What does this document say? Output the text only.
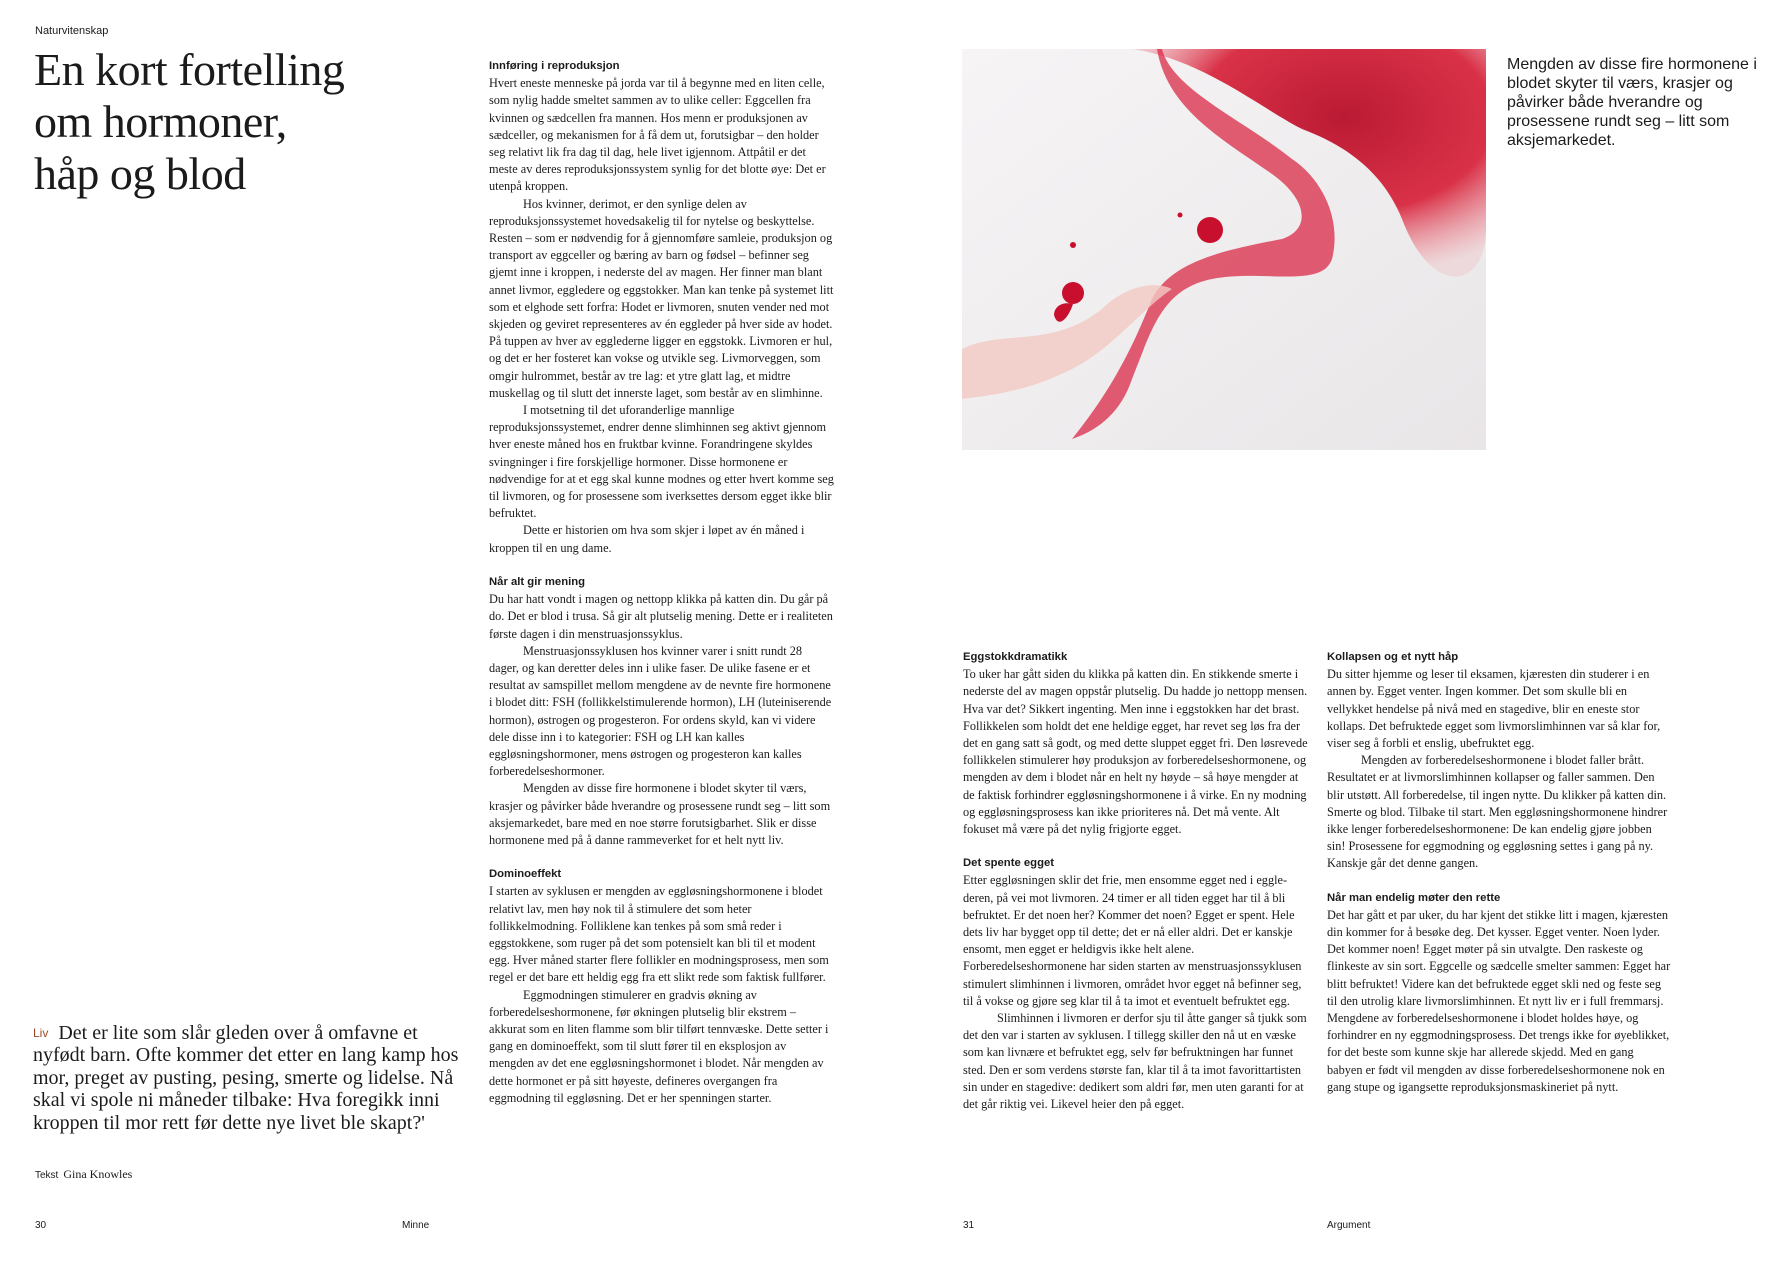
Naturvitenskap
En kort fortelling
om hormoner,
håp og blod
Liv Det er lite som slår gleden over å omfavne et nyfødt barn. Ofte kommer det etter en lang kamp hos mor, preget av pusting, pesing, smerte og lidelse. Nå skal vi spole ni måneder tilbake: Hva foregikk inni kroppen til mor rett før dette nye livet ble skapt?'
Tekst Gina Knowles
Innføring i reproduksjon

Hvert eneste menneske på jorda var til å begynne med en liten celle, som nylig hadde smeltet sammen av to ulike celler: Eggcellen fra kvinnen og sædcellen fra mannen. Hos menn er produksjonen av sædceller, og mekanismen for å få dem ut, forutsigbar – den holder seg relativt lik fra dag til dag, hele livet igjennom. Attpåtil er det meste av deres reproduksjonssystem synlig for det blotte øye: Det er utenpå kroppen.

Hos kvinner, derimot, er den synlige delen av reproduksjonssystemet hovedsakelig til for nytelse og beskyttelse. Resten – som er nødvendig for å gjennomføre samleie, produksjon og transport av eggceller og bæring av barn og fødsel – befinner seg gjemt inne i kroppen, i nederste del av magen. Her finner man blant annet livmor, eggledere og eggstokker. Man kan tenke på systemet litt som et elghode sett forfra: Hodet er livmoren, snuten vender ned mot skjeden og geviret representeres av én eggleder på hver side av hodet. På tuppen av hver av egglederne ligger en eggstokk. Livmoren er hul, og det er her fosteret kan vokse og utvikle seg. Livmorveggen, som omgir hulrommet, består av tre lag: et ytre glatt lag, et midtre muskellag og til slutt det innerste laget, som består av en slimhinne.

I motsetning til det uforanderlige mannlige reproduksjonssystemet, endrer denne slimhinnen seg aktivt gjennom hver eneste måned hos en fruktbar kvinne. Forandringene skyldes svingninger i fire forskjellige hormoner. Disse hormonene er nødvendige for at et egg skal kunne modnes og etter hvert komme seg til livmoren, og for prosessene som iverksettes dersom egget ikke blir befruktet.

Dette er historien om hva som skjer i løpet av én måned i kroppen til en ung dame.

Når alt gir mening

Du har hatt vondt i magen og nettopp klikka på katten din. Du går på do. Det er blod i trusa. Så gir alt plutselig mening. Dette er i realiteten første dagen i din menstruasjonssyklus.

Menstruasjonssyklusen hos kvinner varer i snitt rundt 28 dager, og kan deretter deles inn i ulike faser. De ulike fasene er et resultat av samspillet mellom mengdene av de nevnte fire hormonene i blodet ditt: FSH (follikkelstimulerende hormon), LH (luteiniserende hormon), østrogen og progesteron. For ordens skyld, kan vi videre dele disse inn i to kategorier: FSH og LH kan kalles eggløsningshormoner, mens østrogen og progesteron kan kalles forberedelseshormoner.

Mengden av disse fire hormonene i blodet skyter til værs, krasjer og påvirker både hverandre og prosessene rundt seg – litt som aksjemarkedet, bare med en noe større forutsigbarhet. Slik er disse hormonene med på å danne rammeverket for et helt nytt liv.

Dominoeffekt

I starten av syklusen er mengden av eggløsningshormonene i blodet relativt lav, men høy nok til å stimulere det som heter follikkelmodning. Folliklene kan tenkes på som små reder i eggstokkene, som ruger på det som potensielt kan bli til et modent egg. Hver måned starter flere follikler en modningsprosess, men som regel er det bare ett heldig egg fra ett slikt rede som faktisk fullfører.

Eggmodningen stimulerer en gradvis økning av forberedelseshormonene, før økningen plutselig blir ekstrem – akkurat som en liten flamme som blir tilført tennvæske. Dette setter i gang en dominoeffekt, som til slutt fører til en eksplosjon av mengden av det ene eggløsningshormonet i blodet. Når mengden av dette hormonet er på sitt høyeste, defineres overgangen fra eggmodning til eggløsning. Det er her spenningen starter.

Mengden av disse fire hormonene i blodet skyter til værs, krasjer og påvirker både hverandre og prosessene rundt seg – litt som aksjemarkedet.
Eggstokkdramatikk

To uker har gått siden du klikka på katten din. En stikkende smerte i nederste del av magen oppstår plutselig. Du hadde jo nettopp mensen. Hva var det? Sikkert ingenting. Men inne i eggstokken har det brast. Follikkelen som holdt det ene heldige egget, har revet seg løs fra der det en gang satt så godt, og med dette sluppet egget fri. Den løsrevede follikkelen stimulerer høy produksjon av forberedelseshormonene, og mengden av dem i blodet når en helt ny høyde – så høye mengder at de faktisk forhindrer eggløsningshormonene i å virke. En ny modning og eggløsningsprosess kan ikke prioriteres nå. Det må vente. Alt fokuset må være på det nylig frigjorte egget.

Det spente egget

Etter eggløsningen sklir det frie, men ensomme egget ned i egglederen, på vei mot livmoren. 24 timer er all tiden egget har til å bli befruktet. Er det noen her? Kommer det noen? Egget er spent. Hele dets liv har bygget opp til dette; det er nå eller aldri. Det er kanskje ensomt, men egget er heldigvis ikke helt alene. Forberedelseshormonene har siden starten av menstruasjonssyklusen stimulert slimhinnen i livmoren, området hvor egget nå befinner seg, til å vokse og gjøre seg klar til å ta imot et eventuelt befruktet egg.

Slimhinnen i livmoren er derfor sju til åtte ganger så tjukk som det den var i starten av syklusen. I tillegg skiller den nå ut en væske som kan livnære et befruktet egg, selv før befruktningen har funnet sted. Den er som verdens største fan, klar til å ta imot favorittartisten sin under en stagedive: dedikert som aldri før, men uten garanti for at det går riktig vei. Likevel heier den på egget.

Kollapsen og et nytt håp

Du sitter hjemme og leser til eksamen, kjæresten din studerer i en annen by. Egget venter. Ingen kommer. Det som skulle bli en vellykket hendelse på nivå med en stagedive, blir en eneste stor kollaps. Det befruktede egget som livmorslimhinnen var så klar for, viser seg å forbli et enslig, ubefruktet egg.

Mengden av forberedelseshormonene i blodet faller brått. Resultatet er at livmorslimhinnen kollapser og faller sammen. Den blir utstøtt. All forberedelse, til ingen nytte. Du klikker på katten din. Smerte og blod. Tilbake til start. Men eggløsningshormonene hindrer ikke lenger forberedelseshormonene: De kan endelig gjøre jobben sin! Prosessene for eggmodning og eggløsning settes i gang på ny. Kanskje går det denne gangen.

Når man endelig møter den rette

Det har gått et par uker, du har kjent det stikke litt i magen, kjæresten din kommer for å besøke deg. Det kysser. Egget venter. Noen lyder. Det kommer noen! Egget møter på sin utvalgte. Den raskeste og flinkeste av sin sort. Eggcelle og sædcelle smelter sammen: Egget har blitt befruktet! Videre kan det befruktede egget skli ned og feste seg til den utrolig klare livmorslimhinnen. Et nytt liv er i full fremmarsj. Mengdene av forberedelseshormonene i blodet holdes høye, og forhindrer en ny eggmodningsprosess. Det trengs ikke for øyeblikket, for det beste som kunne skje har allerede skjedd. Med en gang babyen er født vil mengden av disse forberedelseshormonene nok en gang stupe og igangsette reproduksjonsmaskineriet på nytt.

30	Minne	31	Argument
